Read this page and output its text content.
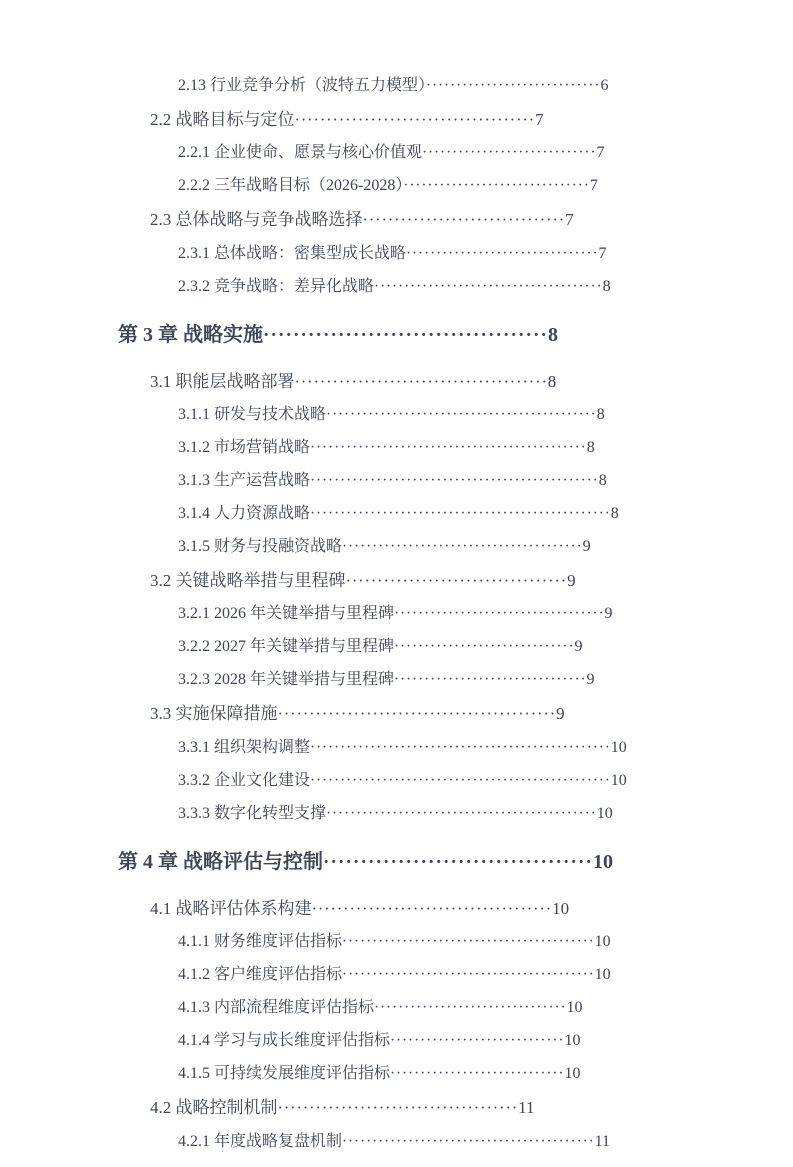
2.13 行业竞争分析（波特五力模型）·····························6
2.2 战略目标与定位······································7
2.2.1 企业使命、愿景与核心价值观·····························7
2.2.2 三年战略目标（2026-2028）·······························7
2.3 总体战略与竞争战略选择································7
2.3.1 总体战略：密集型成长战略································7
2.3.2 竞争战略：差异化战略······································8
第 3 章 战略实施······································8
3.1 职能层战略部署········································8
3.1.1 研发与技术战略·············································8
3.1.2 市场营销战略··············································8
3.1.3 生产运营战略················································8
3.1.4 人力资源战略··················································8
3.1.5 财务与投融资战略········································9
3.2 关键战略举措与里程碑···································9
3.2.1 2026 年关键举措与里程碑···································9
3.2.2 2027 年关键举措与里程碑······························9
3.2.3 2028 年关键举措与里程碑································9
3.3 实施保障措施············································9
3.3.1 组织架构调整··················································10
3.3.2 企业文化建设··················································10
3.3.3 数字化转型支撑·············································10
第 4 章 战略评估与控制····································10
4.1 战略评估体系构建······································10
4.1.1 财务维度评估指标··········································10
4.1.2 客户维度评估指标··········································10
4.1.3 内部流程维度评估指标································10
4.1.4 学习与成长维度评估指标·····························10
4.1.5 可持续发展维度评估指标·····························10
4.2 战略控制机制······································11
4.2.1 年度战略复盘机制··········································11
